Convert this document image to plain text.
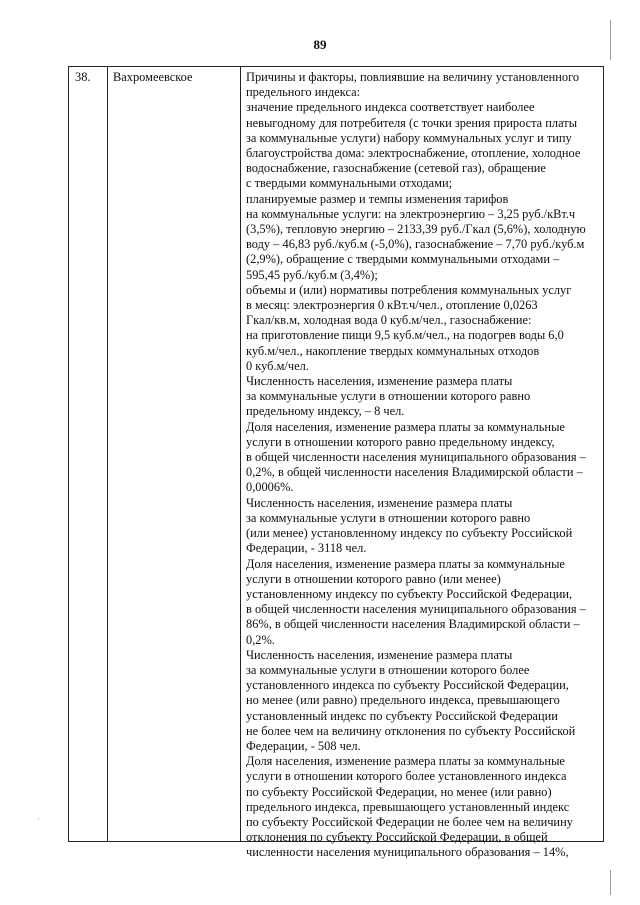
89
38. Вахромеевское	Причины и факторы, повлиявшие на величину установленного
предельного индекса:
значение предельного индекса соответствует наиболее
невыгодному для потребителя (с точки зрения прироста платы
за коммунальные услуги) набору коммунальных услуг и типу
благоустройства дома: электроснабжение, отопление, холодное
водоснабжение, газоснабжение (сетевой газ), обращение
с твердыми коммунальными отходами;
планируемые размер и темпы изменения тарифов
на коммунальные услуги: на электроэнергию – 3,25 руб./кВт.ч
(3,5%), тепловую энергию – 2133,39 руб./Гкал (5,6%), холодную
воду – 46,83 руб./куб.м (-5,0%), газоснабжение – 7,70 руб./куб.м
(2,9%), обращение с твердыми коммунальными отходами –
595,45 руб./куб.м (3,4%);
объемы и (или) нормативы потребления коммунальных услуг
в месяц: электроэнергия 0 кВт.ч/чел., отопление 0,0263
Гкал/кв.м, холодная вода 0 куб.м/чел., газоснабжение:
на приготовление пищи 9,5 куб.м/чел., на подогрев воды 6,0
куб.м/чел., накопление твердых коммунальных отходов
0 куб.м/чел.
Численность населения, изменение размера платы
за коммунальные услуги в отношении которого равно
предельному индексу, – 8 чел.
Доля населения, изменение размера платы за коммунальные
услуги в отношении которого равно предельному индексу,
в общей численности населения муниципального образования –
0,2%, в общей численности населения Владимирской области –
0,0006%.
Численность населения, изменение размера платы
за коммунальные услуги в отношении которого равно
(или менее) установленному индексу по субъекту Российской
Федерации, - 3118 чел.
Доля населения, изменение размера платы за коммунальные
услуги в отношении которого равно (или менее)
установленному индексу по субъекту Российской Федерации,
в общей численности населения муниципального образования –
86%, в общей численности населения Владимирской области –
0,2%.
Численность населения, изменение размера платы
за коммунальные услуги в отношении которого более
установленного индекса по субъекту Российской Федерации,
но менее (или равно) предельного индекса, превышающего
установленный индекс по субъекту Российской Федерации
не более чем на величину отклонения по субъекту Российской
Федерации, - 508 чел.
Доля населения, изменение размера платы за коммунальные
услуги в отношении которого более установленного индекса
по субъекту Российской Федерации, но менее (или равно)
предельного индекса, превышающего установленный индекс
по субъекту Российской Федерации не более чем на величину
отклонения по субъекту Российской Федерации, в общей
численности населения муниципального образования – 14%,
·
